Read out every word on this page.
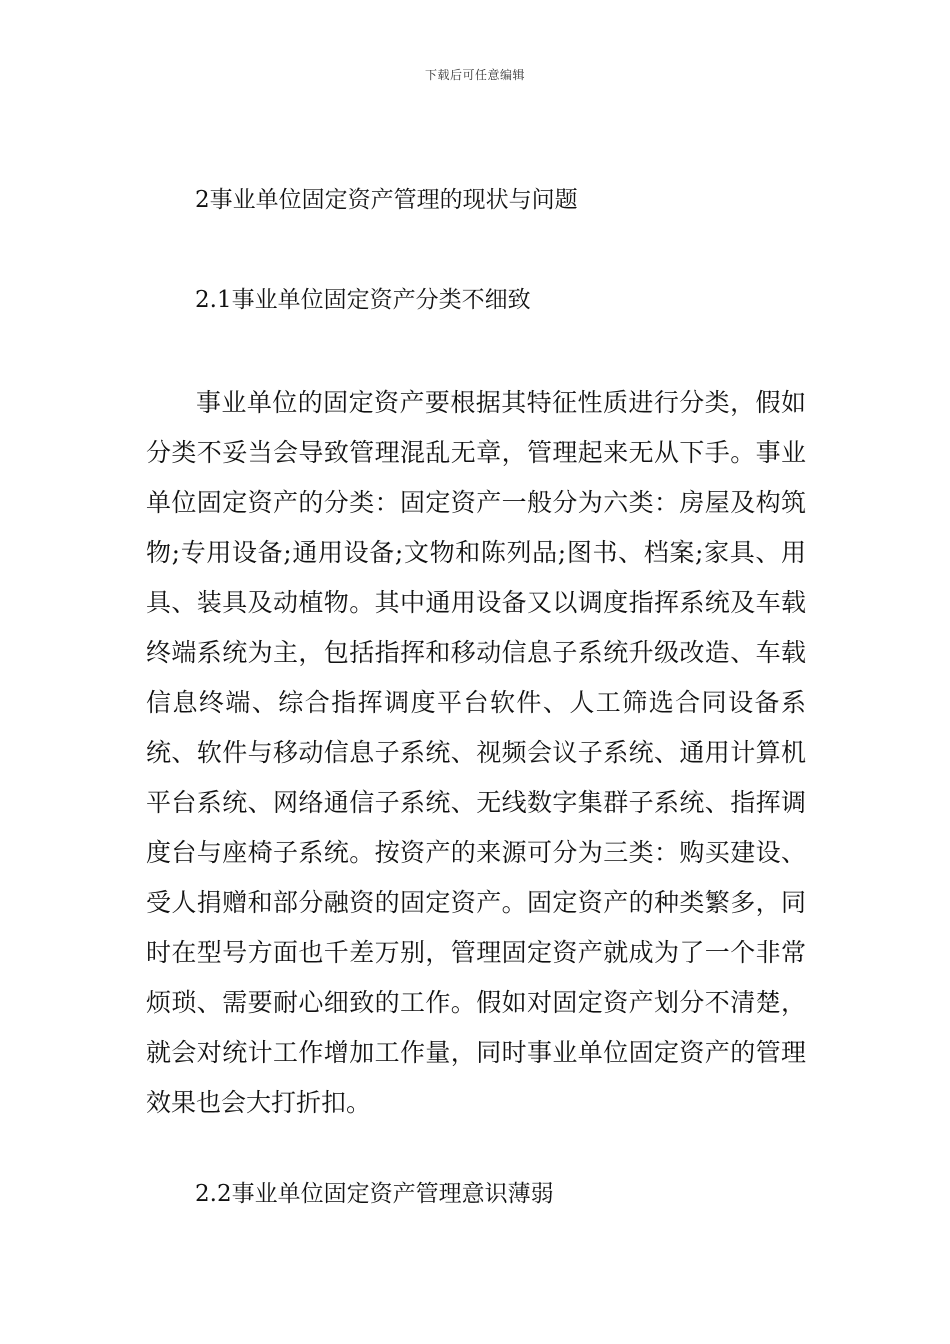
下载后可任意编辑
2事业单位固定资产管理的现状与问题
2.1事业单位固定资产分类不细致

事业单位的固定资产要根据其特征性质进行分类，假如分类不妥当会导致管理混乱无章，管理起来无从下手。事业单位固定资产的分类：固定资产一般分为六类：房屋及构筑物;专用设备;通用设备;文物和陈列品;图书、档案;家具、用具、装具及动植物。其中通用设备又以调度指挥系统及车载终端系统为主，包括指挥和移动信息子系统升级改造、车载信息终端、综合指挥调度平台软件、人工筛选合同设备系统、软件与移动信息子系统、视频会议子系统、通用计算机平台系统、网络通信子系统、无线数字集群子系统、指挥调度台与座椅子系统。按资产的来源可分为三类：购买建设、受人捐赠和部分融资的固定资产。固定资产的种类繁多，同时在型号方面也千差万别，管理固定资产就成为了一个非常烦琐、需要耐心细致的工作。假如对固定资产划分不清楚，就会对统计工作增加工作量，同时事业单位固定资产的管理效果也会大打折扣。

2.2事业单位固定资产管理意识薄弱
